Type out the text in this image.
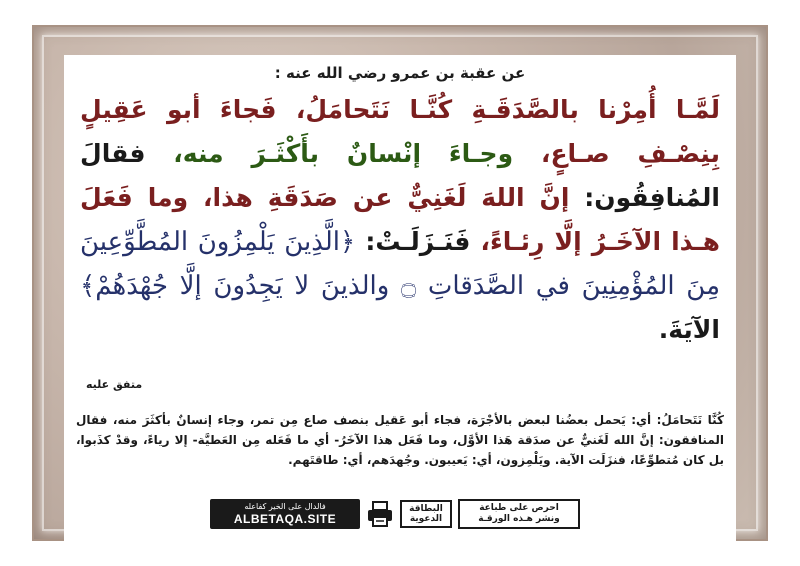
عن عقبة بن عمرو رضي الله عنه :
لَمَّـا أُمِرْنا بالصَّدَقَـةِ كُنَّـا نَتَحامَلُ، فَجاءَ أبو عَقِيلٍ بِنِصْـفِ صـاعٍ، وجـاءَ إنْسانٌ بأَكْثَـرَ منه، فقالَ المُنافِقُون: إنَّ اللهَ لَغَنِيٌّ عن صَدَقَةِ هذا، وما فَعَلَ هـذا الآخَـرُ إلَّا رِئـاءً، فَنَـزَلَـتْ: ﴿الَّذِينَ يَلْمِزُونَ المُطَّوِّعِينَ مِنَ المُؤْمِنِينَ في الصَّدَقاتِ ۝ والذينَ لا يَجِدُونَ إلَّا جُهْدَهُمْ﴾ الآيَةَ.
متفق عليه
كُنَّا نَتَحامَلُ: أي: يَحمل بعضُنا لبعض بالأجْرَة، فجاء أبو عَقيل بنصف صاع مِن تمر، وجاء إنسانٌ بأكثَرَ منه، فقال المنافقون: إنَّ الله لَغَنيٌّ عن صدَقة هَذا الأوَّل، وما فَعَل هذا الآخَرُ- أي ما فَعَله مِن العَطيَّة- إلا رياءً، وقدْ كذَبوا، بل كان مُتطوِّعًا، فنزَلَت الآية. ويَلْمِزون، أي: يَعيبون. وجُهدَهم، أي: طاقتَهم.
فالدال على الخير كفاعله
ALBETAQA.SITE
البطاقة الدعوية
احرص على طباعة
ونشر هـذه الورقـة
